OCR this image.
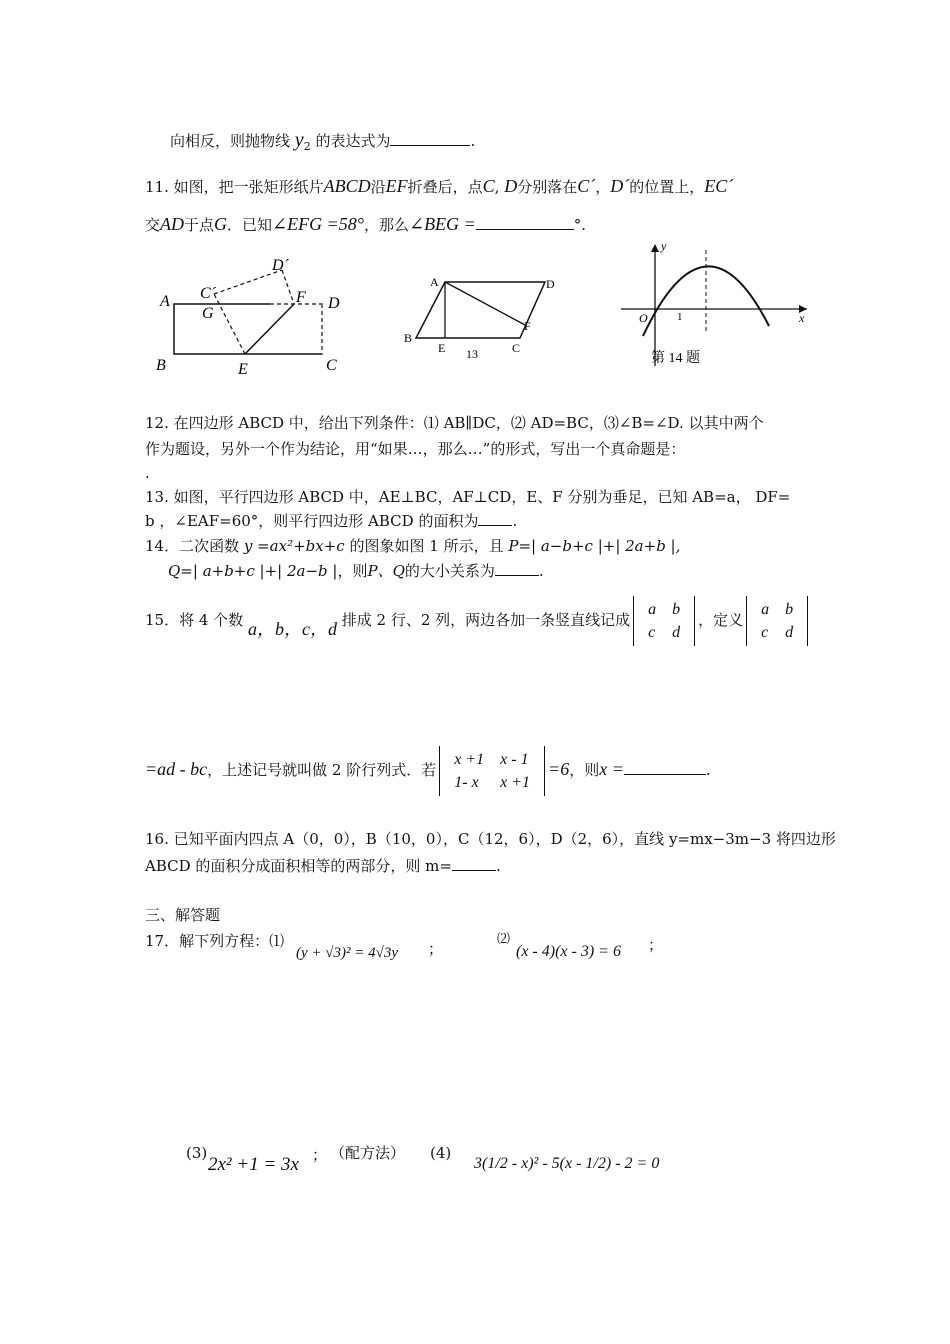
向相反，则抛物线 $y_2$ 的表达式为	.
11. 如图，把一张矩形纸片ABCD沿EF折叠后，点C, D分别落在C´，D´的位置上，EC´
交AD于点G．已知∠EFG =58°，那么∠BEG =	°.
A
B	C
D
E
F
G
C´
D´
A
B
C
D
E
F
13
y
x
O	1
第 14 题
12. 在四边形 ABCD 中，给出下列条件：⑴ AB∥DC，⑵ AD=BC，⑶∠B=∠D. 以其中两个
作为题设，另外一个作为结论，用“如果…，那么…”的形式，写出一个真命题是：
.
13. 如图，平行四边形 ABCD 中，AE⊥BC，AF⊥CD，E、F 分别为垂足，已知 AB=a， DF=
b ，∠EAF=60°，则平行四边形 ABCD 的面积为 .
14．二次函数 y =ax²+bx+c 的图象如图 1 所示，且 P=| a−b+c |+| 2a+b |,
Q=| a+b+c |+| 2a−b |，则P、Q的大小关系为	.
15．将 4 个数 a，b，c，d 排成 2 行、2 列，两边各加一条竖直线记成
a	b
c	d
，定义
a	b
c	d
=ad - bc，上述记号就叫做 2 阶行列式．若
x +1	x - 1
1- x	x +1
=6，则x =	.
16. 已知平面内四点 A（0，0），B（10，0），C（12，6），D（2，6），直线 y=mx−3m−3 将四边形
ABCD 的面积分成面积相等的两部分，则 m=	.
三、解答题
17．解下列方程：⑴
(y + √3)² = 4√3y ；
⑵
(x - 4)(x - 3) = 6 ；
(3)
2x² +1 = 3x ； （配方法） (4)
3(1/2 - x)² - 5(x - 1/2) - 2 = 0
